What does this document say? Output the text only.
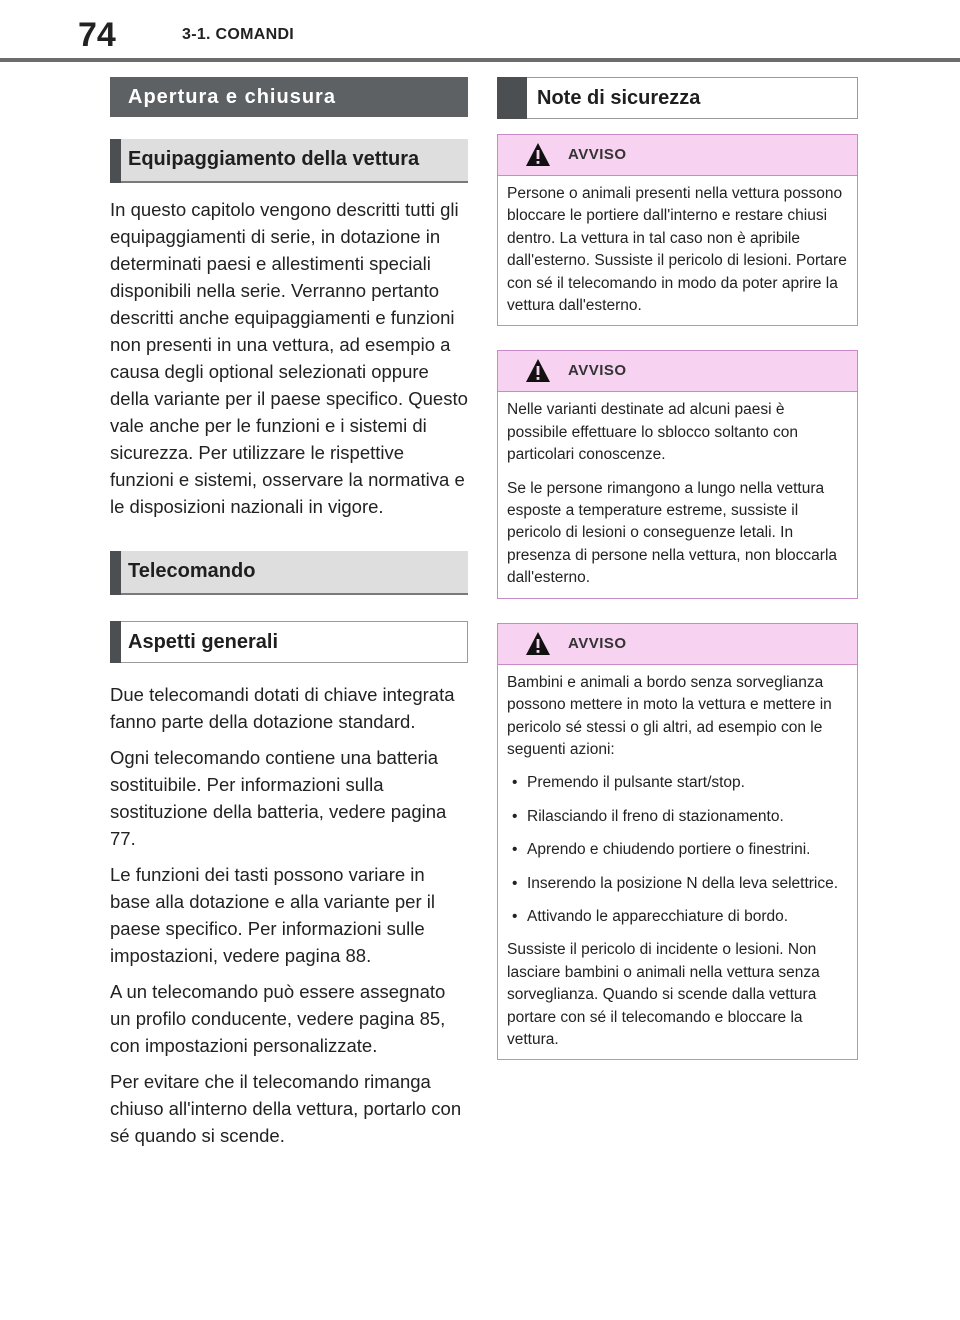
74	3-1. COMANDI
Apertura e chiusura
Equipaggiamento della vettura

In questo capitolo vengono descritti tutti gli equipaggiamenti di serie, in dotazione in determinati paesi e allestimenti speciali disponibili nella serie. Verranno pertanto descritti anche equipaggiamenti e funzioni non presenti in una vettura, ad esempio a causa degli optional selezionati oppure della variante per il paese specifico. Questo vale anche per le funzioni e i sistemi di sicurezza. Per utilizzare le rispettive funzioni e sistemi, osservare la normativa e le disposizioni nazionali in vigore.

Telecomando
Aspetti generali

Due telecomandi dotati di chiave integrata fanno parte della dotazione standard.

Ogni telecomando contiene una batteria sostituibile. Per informazioni sulla sostituzione della batteria, vedere pagina 77.

Le funzioni dei tasti possono variare in base alla dotazione e alla variante per il paese specifico. Per informazioni sulle impostazioni, vedere pagina 88.

A un telecomando può essere assegnato un profilo conducente, vedere pagina 85, con impostazioni personalizzate.

Per evitare che il telecomando rimanga chiuso all'interno della vettura, portarlo con sé quando si scende.

Note di sicurezza
AVVISO

Persone o animali presenti nella vettura possono bloccare le portiere dall'interno e restare chiusi dentro. La vettura in tal caso non è apribile dall'esterno. Sussiste il pericolo di lesioni. Portare con sé il telecomando in modo da poter aprire la vettura dall'esterno.

AVVISO

Nelle varianti destinate ad alcuni paesi è possibile effettuare lo sblocco soltanto con particolari conoscenze.

Se le persone rimangono a lungo nella vettura esposte a temperature estreme, sussiste il pericolo di lesioni o conseguenze letali. In presenza di persone nella vettura, non bloccarla dall'esterno.

AVVISO

Bambini e animali a bordo senza sorveglianza possono mettere in moto la vettura e mettere in pericolo sé stessi o gli altri, ad esempio con le seguenti azioni:

• Premendo il pulsante start/stop.
• Rilasciando il freno di stazionamento.
• Aprendo e chiudendo portiere o finestrini.
• Inserendo la posizione N della leva selettrice.
• Attivando le apparecchiature di bordo.

Sussiste il pericolo di incidente o lesioni. Non lasciare bambini o animali nella vettura senza sorveglianza. Quando si scende dalla vettura portare con sé il telecomando e bloccare la vettura.
